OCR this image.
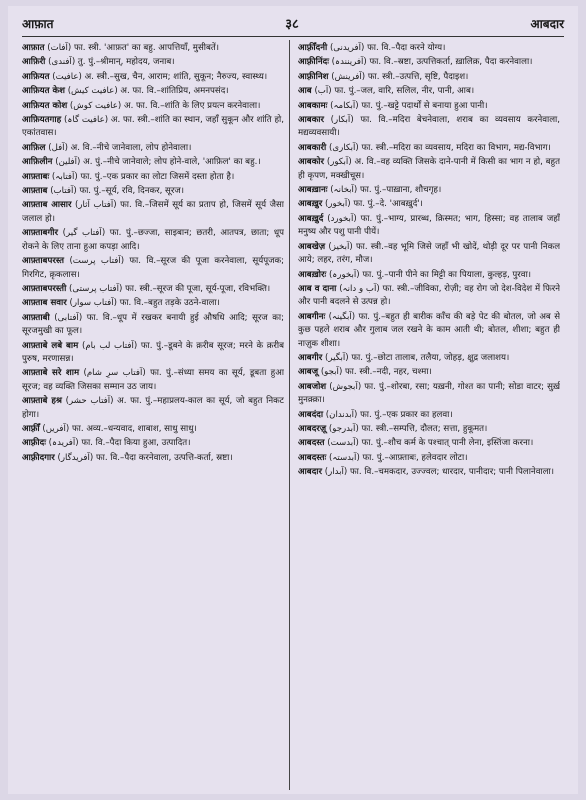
आफ़ात	३८	आबदार
आफ़ात (آفات) फा. स्त्री. 'आफ़त' का बहु. आपत्तियाँ, मुसीबतें।
आफ़िरी (آفندی) तु. पुं.–श्रीमान्, महोदय, जनाब।
आफ़ियत (عافیت) अ. स्त्री.–सुख, चैन, आराम; शांति, सुकून; नैरुज्य, स्वास्थ्य।
आफ़ियत केश (عافیت کیش) अ. फा. वि.–शांतिप्रिय, अमनपसंद।
आफ़ियत कोश (عافیت کوش) अ. फा. वि.–शांति के लिए प्रयत्न करनेवाला।
आफ़ियतगाह (عافیت گاہ) अ. फा. स्त्री.–शांति का स्थान, जहाँ सुकून और शांति हो, एकांतवास।
आफ़िल (آفل) अ. वि.–नीचे जानेवाला, लोप होनेवाला।
आफ़िलीन (آفلین) अ. पुं.–नीचे जानेवाले; लोप होने-वाले, 'आफ़िल' का बहु.।
आफ़्ताबः (آفتابہ) फा. पुं.–एक प्रकार का लोटा जिसमें दस्ता होता है।
आफ़्ताब (آفتاب) फा. पुं.–सूर्य, रवि, दिनकर, सूरज।
आफ़्ताब आसार (آفتاب آثار) फा. वि.–जिसमें सूर्य का प्रताप हो, जिसमें सूर्य जैसा जलाल हो।
आफ़्ताबगीर (آفتاب گیر) फा. पुं.–छज्जा, साइबान; छतरी, आतपत्र, छाता; धूप रोकने के लिए ताना हुआ कपड़ा आदि।
आफ़्ताबपरस्त (آفتاب پرست) फा. वि.–सूरज की पूजा करनेवाला, सूर्यपूजक; गिरगिट, क़ृकलास।
आफ़्ताबपरस्ती (آفتاب پرستی) फा. स्त्री.–सूरज की पूजा, सूर्य-पूजा, रविभक्ति।
आफ़्ताब सवार (آفتاب سوار) फा. वि.–बहुत तड़के उठने-वाला।
आफ़्ताबी (آفتابی) फा. वि.–धूप में रखकर बनायी हुई औषधि आदि; सूरज का; सूरजमुखी का फूल।
आफ़्ताबे लबे बाम (آفتاب لب بام) फा. पुं.–डूबने के क़रीब सूरज; मरने के क़रीब पुरुष, मरणासन्न।
आफ़्ताबे सरे शाम (آفتاب سرِ شام) फा. पुं.–संध्या समय का सूर्य, डूबता हुआ सूरज; वह व्यक्ति जिसका सम्मान उठ जाय।
आफ़्ताबे हश्र (آفتاب حشر) अ. फा. पुं.–महाप्रलय-काल का सूर्य, जो बहुत निकट होगा।
आफ़्रीँ (آفریں) फा. अव्य.–धन्यवाद, शाबाश, साधु साधु।
आफ़्रीदः (آفریدہ) फा. वि.–पैदा किया हुआ, उत्पादित।
आफ़्रीदगार (آفریدگار) फा. वि.–पैदा करनेवाला, उत्पत्ति-कर्ता, स्रष्टा।
आफ़्रीँदनी (آفریدنی) फा. वि.–पैदा करने योग्य।
आफ़्रीनिंदः (آفرینندہ) फा. वि.–स्रष्टा, उत्पत्तिकर्ता, ख़ालिक़, पैदा करनेवाला।
आफ़्रीनिश (آفرینش) फा. स्त्री.–उत्पत्ति, सृष्टि, पैदाइश।
आब (آب) फा. पुं.–जल, वारि, सलिल, नीर, पानी, आब।
आबकामः (آبکامہ) फा. पुं.–खट्टे पदार्थों से बनाया हुआ पानी।
आबकार (آبکار) फा. वि.–मदिरा बेचनेवाला, शराब का व्यवसाय करनेवाला, मद्यव्यवसायी।
आबकारी (آبکاری) फा. स्त्री.–मदिरा का व्यवसाय, मदिरा का विभाग, मद्य-विभाग।
आबकोर (آبکور) अ. वि.–वह व्यक्ति जिसके दाने-पानी में किसी का भाग न हो, बहुत ही कृपण, मक्खीचूस।
आबख़ानः (آبخانہ) फा. पुं.–पाख़ाना, शौचगृह।
आबख़ुर (آبخور) फा. पुं.–दे. 'आबख़ुर्द'।
आबख़ुर्द (آبخورد) फा. पुं.–भाग्य, प्रारब्ध, क़िस्मत; भाग, हिस्सा; वह तालाब जहाँ मनुष्य और पशु पानी पीयें।
आबखेज़ (آبخیز) फा. स्त्री.–वह भूमि जिसे जहाँ भी खोदें, थोड़ी दूर पर पानी निकल आये; लहर, तरंग, मौज।
आबख़ोरः (آبخورہ) फा. पुं.–पानी पीने का मिट्टी का पियाला, कुल्हड़, पुरवा।
आब व दाना (آب و دانہ) फा. स्त्री.–जीविका, रोज़ी; वह रोग जो देश-विदेश में फिरने और पानी बदलने से उत्पन्न हो।
आबगीनः (آبگینہ) फा. पुं.–बहुत ही बारीक काँच की बड़े पेट की बोतल, जो अब से कुछ पहले शराब और गुलाब जल रखने के काम आती थी; बोतल, शीशा; बहुत ही नाज़ुक शीशा।
आबगीर (آبگیر) फा. पुं.–छोटा तालाब, तलैया, जोहड़, क्षुद्र जलाशय।
आबजू (آبجو) फा. स्त्री.–नदी, नहर, चश्मा।
आबजोश (آبجوش) फा. पुं.–शोरबा, रसा; यख़नी, गोश्त का पानी; सोडा वाटर; सुर्ख़ मुनक़्क़ा।
आबदंदा (آبدندان) फा. पुं.–एक प्रकार का हलवा।
आबदरज़ू (آبدرجو) फा. स्त्री.–सम्पत्ति, दौलत; सत्ता, हुकूमत।
आबदस्त (آبدست) फा. पुं.–शौच कर्म के पश्चात् पानी लेना, इस्तिंजा करना।
आबदस्तः (آبدستہ) फा. पुं.–आफ़्ताबः, हलेवदार लोटा।
आबदार (آبدار) फा. वि.–चमकदार, उज्ज्वल; धारदार, पानीदार; पानी पिलानेवाला।
